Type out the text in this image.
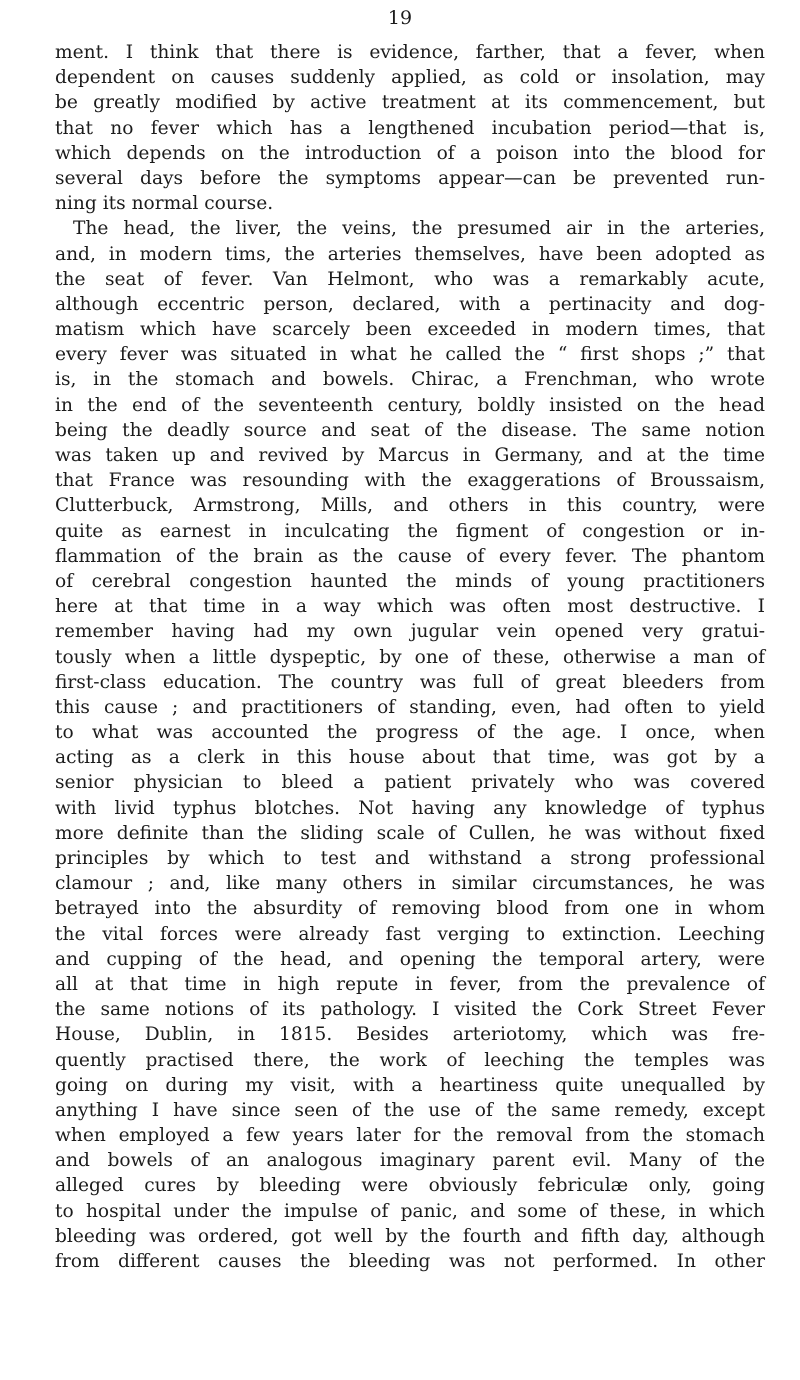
19
ment. I think that there is evidence, farther, that a fever, when
dependent on causes suddenly applied, as cold or insolation, may
be greatly modified by active treatment at its commencement, but
that no fever which has a lengthened incubation period—that is,
which depends on the introduction of a poison into the blood for
several days before the symptoms appear—can be prevented run-
ning its normal course.
The head, the liver, the veins, the presumed air in the arteries,
and, in modern tims, the arteries themselves, have been adopted as
the seat of fever. Van Helmont, who was a remarkably acute,
although eccentric person, declared, with a pertinacity and dog-
matism which have scarcely been exceeded in modern times, that
every fever was situated in what he called the “ first shops ;” that
is, in the stomach and bowels. Chirac, a Frenchman, who wrote
in the end of the seventeenth century, boldly insisted on the head
being the deadly source and seat of the disease. The same notion
was taken up and revived by Marcus in Germany, and at the time
that France was resounding with the exaggerations of Broussaism,
Clutterbuck, Armstrong, Mills, and others in this country, were
quite as earnest in inculcating the figment of congestion or in-
flammation of the brain as the cause of every fever. The phantom
of cerebral congestion haunted the minds of young practitioners
here at that time in a way which was often most destructive. I
remember having had my own jugular vein opened very gratui-
tously when a little dyspeptic, by one of these, otherwise a man of
first-class education. The country was full of great bleeders from
this cause ; and practitioners of standing, even, had often to yield
to what was accounted the progress of the age. I once, when
acting as a clerk in this house about that time, was got by a
senior physician to bleed a patient privately who was covered
with livid typhus blotches. Not having any knowledge of typhus
more definite than the sliding scale of Cullen, he was without fixed
principles by which to test and withstand a strong professional
clamour ; and, like many others in similar circumstances, he was
betrayed into the absurdity of removing blood from one in whom
the vital forces were already fast verging to extinction. Leeching
and cupping of the head, and opening the temporal artery, were
all at that time in high repute in fever, from the prevalence of
the same notions of its pathology. I visited the Cork Street Fever
House, Dublin, in 1815. Besides arteriotomy, which was fre-
quently practised there, the work of leeching the temples was
going on during my visit, with a heartiness quite unequalled by
anything I have since seen of the use of the same remedy, except
when employed a few years later for the removal from the stomach
and bowels of an analogous imaginary parent evil. Many of the
alleged cures by bleeding were obviously febriculæ only, going
to hospital under the impulse of panic, and some of these, in which
bleeding was ordered, got well by the fourth and fifth day, although
from different causes the bleeding was not performed. In other
